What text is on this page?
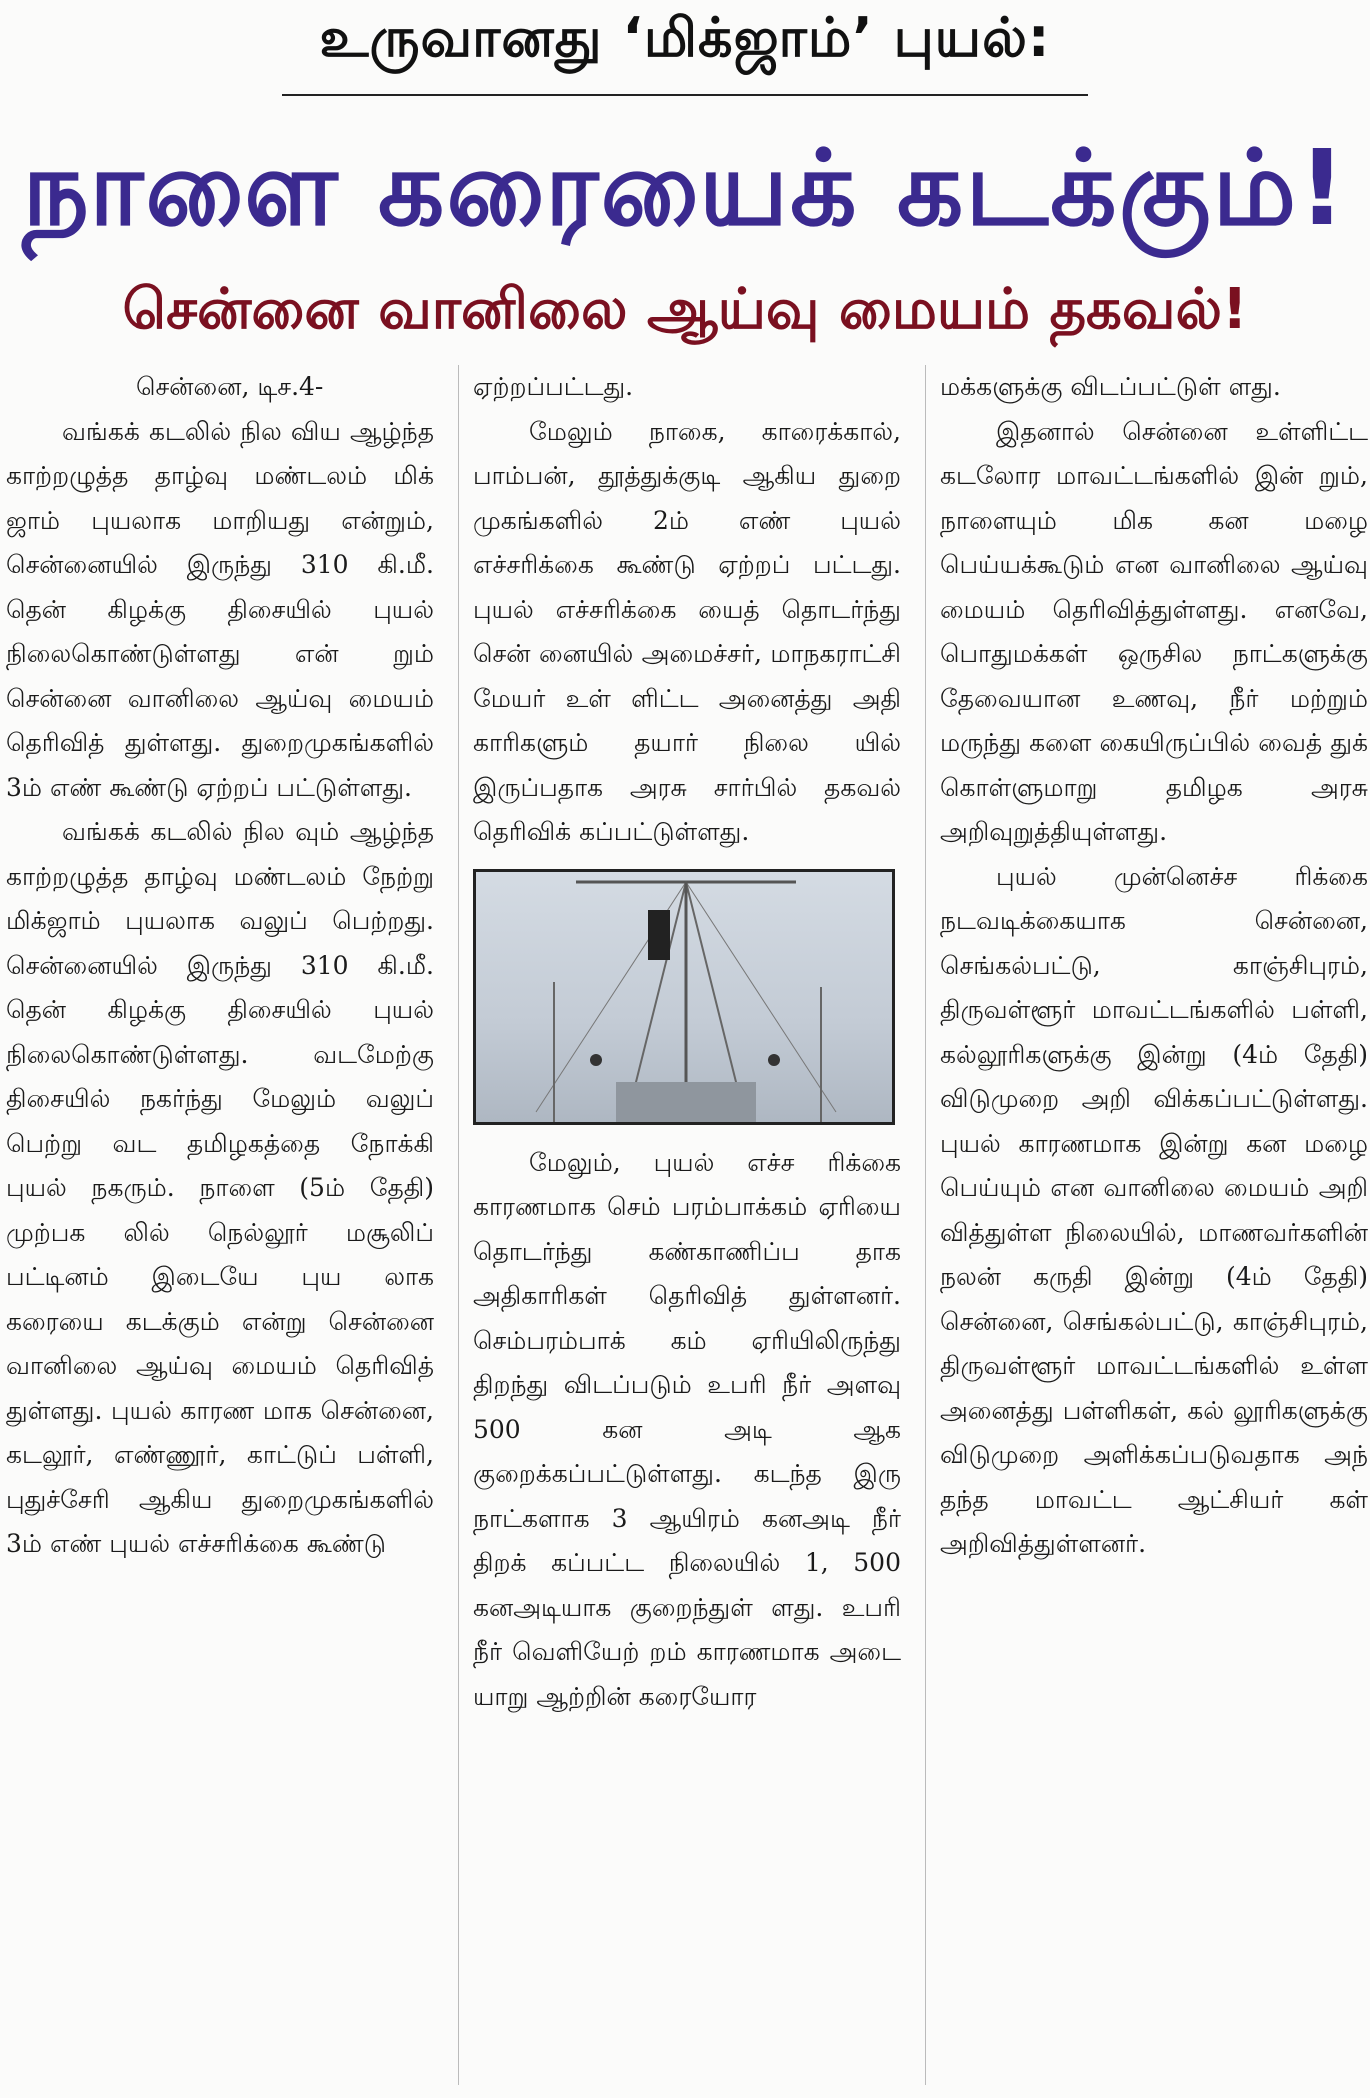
உருவானது ‘மிக்ஜாம்’ புயல்:
நாளை கரையைக் கடக்கும்!
சென்னை வானிலை ஆய்வு மையம் தகவல்!

சென்னை, டிச.4-

வங்கக் கடலில் நில விய ஆழ்ந்த காற்றழுத்த தாழ்வு மண்டலம் மிக் ஜாம் புயலாக மாறியது என்றும், சென்னையில் இருந்து 310 கி.மீ. தென் கிழக்கு திசையில் புயல் நிலைகொண்டுள்ளது என் றும் சென்னை வானிலை ஆய்வு மையம் தெரிவித் துள்ளது. துறைமுகங்களில் 3ம் எண் கூண்டு ஏற்றப் பட்டுள்ளது.

வங்கக் கடலில் நில வும் ஆழ்ந்த காற்றழுத்த தாழ்வு மண்டலம் நேற்று மிக்ஜாம் புயலாக வலுப் பெற்றது. சென்னையில் இருந்து 310 கி.மீ. தென் கிழக்கு திசையில் புயல் நிலைகொண்டுள்ளது. வடமேற்கு திசையில் நகர்ந்து மேலும் வலுப் பெற்று வட தமிழகத்தை நோக்கி புயல் நகரும். நாளை (5ம் தேதி) முற்பக லில் நெல்லூர் மசூலிப் பட்டினம் இடையே புய லாக கரையை கடக்கும் என்று சென்னை வானிலை ஆய்வு மையம் தெரிவித் துள்ளது. புயல் காரண மாக சென்னை, கடலூர், எண்ணூர், காட்டுப் பள்ளி, புதுச்சேரி ஆகிய துறைமுகங்களில் 3ம் எண் புயல் எச்சரிக்கை கூண்டு

ஏற்றப்பட்டது.

மேலும் நாகை, காரைக்கால், பாம்பன், தூத்துக்குடி ஆகிய துறை முகங்களில் 2ம் எண் புயல் எச்சரிக்கை கூண்டு ஏற்றப் பட்டது. புயல் எச்சரிக்கை யைத் தொடர்ந்து சென் னையில் அமைச்சர், மாநகராட்சி மேயர் உள் ளிட்ட அனைத்து அதி காரிகளும் தயார் நிலை யில் இருப்பதாக அரசு சார்பில் தகவல் தெரிவிக் கப்பட்டுள்ளது.

மேலும், புயல் எச்ச ரிக்கை காரணமாக செம் பரம்பாக்கம் ஏரியை தொடர்ந்து கண்காணிப்ப தாக அதிகாரிகள் தெரிவித் துள்ளனர். செம்பரம்பாக் கம் ஏரியிலிருந்து திறந்து விடப்படும் உபரி நீர் அளவு 500 கன அடி ஆக குறைக்கப்பட்டுள்ளது. கடந்த இரு நாட்களாக 3 ஆயிரம் கனஅடி நீர் திறக் கப்பட்ட நிலையில் 1, 500 கனஅடியாக குறைந்துள் ளது. உபரி நீர் வெளியேற் றம் காரணமாக அடை யாறு ஆற்றின் கரையோர

மக்களுக்கு விடப்பட்டுள் ளது.

இதனால் சென்னை உள்ளிட்ட கடலோர மாவட்டங்களில் இன் றும், நாளையும் மிக கன மழை பெய்யக்கூடும் என வானிலை ஆய்வு மையம் தெரிவித்துள்ளது. எனவே, பொதுமக்கள் ஒருசில நாட்களுக்கு தேவையான உணவு, நீர் மற்றும் மருந்து களை கையிருப்பில் வைத் துக் கொள்ளுமாறு தமிழக அரசு அறிவுறுத்தியுள்ளது.

புயல் முன்னெச்ச ரிக்கை நடவடிக்கையாக சென்னை, செங்கல்பட்டு, காஞ்சிபுரம், திருவள்ளூர் மாவட்டங்களில் பள்ளி, கல்லூரிகளுக்கு இன்று (4ம் தேதி) விடுமுறை அறி விக்கப்பட்டுள்ளது. புயல் காரணமாக இன்று கன மழை பெய்யும் என வானிலை மையம் அறி வித்துள்ள நிலையில், மாணவர்களின் நலன் கருதி இன்று (4ம் தேதி) சென்னை, செங்கல்பட்டு, காஞ்சிபுரம், திருவள்ளூர் மாவட்டங்களில் உள்ள அனைத்து பள்ளிகள், கல் லூரிகளுக்கு விடுமுறை அளிக்கப்படுவதாக அந் தந்த மாவட்ட ஆட்சியர் கள் அறிவித்துள்ளனர்.
